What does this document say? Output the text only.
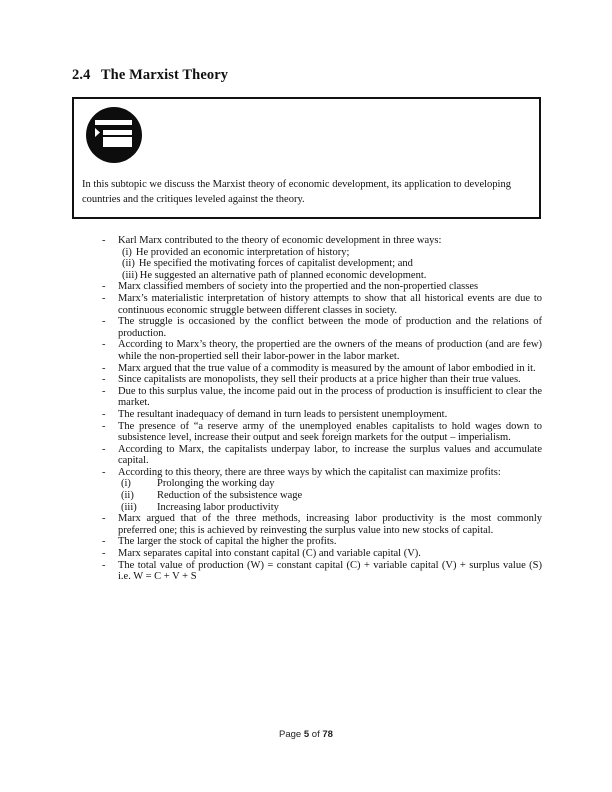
2.4 The Marxist Theory
In this subtopic we discuss the Marxist theory of economic development, its application to developing countries and the critiques leveled against the theory.
- Karl Marx contributed to the theory of economic development in three ways:
(i) He provided an economic interpretation of history;
(ii) He specified the motivating forces of capitalist development; and
(iii) He suggested an alternative path of planned economic development.
- Marx classified members of society into the propertied and the non-propertied classes
- Marx’s materialistic interpretation of history attempts to show that all historical events are due to continuous economic struggle between different classes in society.
- The struggle is occasioned by the conflict between the mode of production and the relations of production.
- According to Marx’s theory, the propertied are the owners of the means of production (and are few) while the non-propertied sell their labor-power in the labor market.
- Marx argued that the true value of a commodity is measured by the amount of labor embodied in it.
- Since capitalists are monopolists, they sell their products at a price higher than their true values.
- Due to this surplus value, the income paid out in the process of production is insufficient to clear the market.
- The resultant inadequacy of demand in turn leads to persistent unemployment.
- The presence of “a reserve army of the unemployed enables capitalists to hold wages down to subsistence level, increase their output and seek foreign markets for the output – imperialism.
- According to Marx, the capitalists underpay labor, to increase the surplus values and accumulate capital.
- According to this theory, there are three ways by which the capitalist can maximize profits:
(i) Prolonging the working day
(ii) Reduction of the subsistence wage
(iii) Increasing labor productivity
- Marx argued that of the three methods, increasing labor productivity is the most commonly preferred one; this is achieved by reinvesting the surplus value into new stocks of capital.
- The larger the stock of capital the higher the profits.
- Marx separates capital into constant capital (C) and variable capital (V).
- The total value of production (W) = constant capital (C) + variable capital (V) + surplus value (S) i.e. W = C + V + S
Page 5 of 78
